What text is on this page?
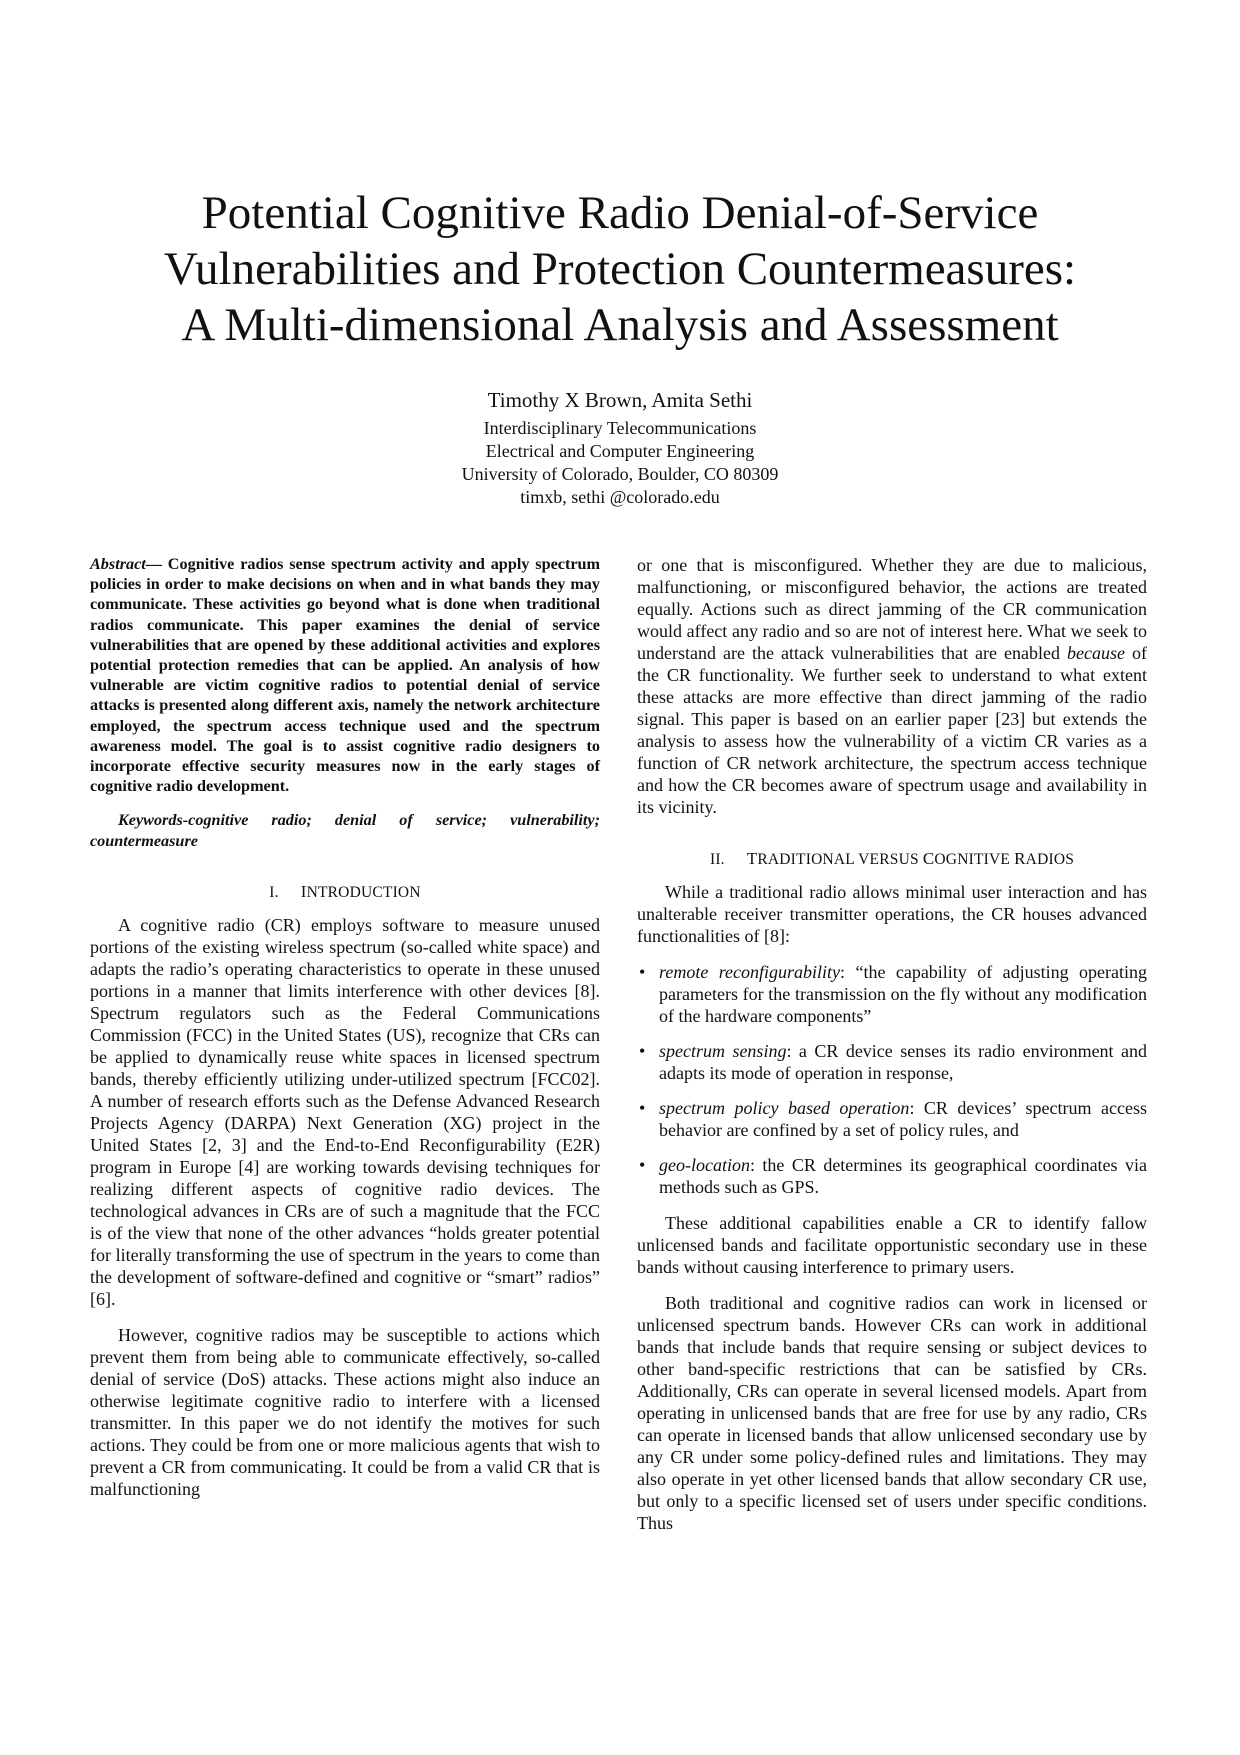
Potential Cognitive Radio Denial-of-Service
Vulnerabilities and Protection Countermeasures:
A Multi-dimensional Analysis and Assessment
Timothy X Brown, Amita Sethi
Interdisciplinary Telecommunications
Electrical and Computer Engineering
University of Colorado, Boulder, CO 80309
timxb, sethi @colorado.edu

Abstract— Cognitive radios sense spectrum activity and apply spectrum policies in order to make decisions on when and in what bands they may communicate. These activities go beyond what is done when traditional radios communicate. This paper examines the denial of service vulnerabilities that are opened by these additional activities and explores potential protection remedies that can be applied. An analysis of how vulnerable are victim cognitive radios to potential denial of service attacks is presented along different axis, namely the network architecture employed, the spectrum access technique used and the spectrum awareness model. The goal is to assist cognitive radio designers to incorporate effective security measures now in the early stages of cognitive radio development.

Keywords-cognitive radio; denial of service; vulnerability; countermeasure

I. INTRODUCTION

A cognitive radio (CR) employs software to measure unused portions of the existing wireless spectrum (so-called white space) and adapts the radio’s operating characteristics to operate in these unused portions in a manner that limits interference with other devices [8]. Spectrum regulators such as the Federal Communications Commission (FCC) in the United States (US), recognize that CRs can be applied to dynamically reuse white spaces in licensed spectrum bands, thereby efficiently utilizing under-utilized spectrum [FCC02]. A number of research efforts such as the Defense Advanced Research Projects Agency (DARPA) Next Generation (XG) project in the United States [2, 3] and the End-to-End Reconfigurability (E2R) program in Europe [4] are working towards devising techniques for realizing different aspects of cognitive radio devices. The technological advances in CRs are of such a magnitude that the FCC is of the view that none of the other advances “holds greater potential for literally transforming the use of spectrum in the years to come than the development of software-defined and cognitive or “smart” radios” [6].

However, cognitive radios may be susceptible to actions which prevent them from being able to communicate effectively, so-called denial of service (DoS) attacks. These actions might also induce an otherwise legitimate cognitive radio to interfere with a licensed transmitter. In this paper we do not identify the motives for such actions. They could be from one or more malicious agents that wish to prevent a CR from communicating. It could be from a valid CR that is malfunctioning

or one that is misconfigured. Whether they are due to malicious, malfunctioning, or misconfigured behavior, the actions are treated equally. Actions such as direct jamming of the CR communication would affect any radio and so are not of interest here. What we seek to understand are the attack vulnerabilities that are enabled because of the CR functionality. We further seek to understand to what extent these attacks are more effective than direct jamming of the radio signal. This paper is based on an earlier paper [23] but extends the analysis to assess how the vulnerability of a victim CR varies as a function of CR network architecture, the spectrum access technique and how the CR becomes aware of spectrum usage and availability in its vicinity.

II. TRADITIONAL VERSUS COGNITIVE RADIOS

While a traditional radio allows minimal user interaction and has unalterable receiver transmitter operations, the CR houses advanced functionalities of [8]:

• remote reconfigurability: “the capability of adjusting operating parameters for the transmission on the fly without any modification of the hardware components”
• spectrum sensing: a CR device senses its radio environment and adapts its mode of operation in response,
• spectrum policy based operation: CR devices’ spectrum access behavior are confined by a set of policy rules, and
• geo-location: the CR determines its geographical coordinates via methods such as GPS.

These additional capabilities enable a CR to identify fallow unlicensed bands and facilitate opportunistic secondary use in these bands without causing interference to primary users.

Both traditional and cognitive radios can work in licensed or unlicensed spectrum bands. However CRs can work in additional bands that include bands that require sensing or subject devices to other band-specific restrictions that can be satisfied by CRs. Additionally, CRs can operate in several licensed models. Apart from operating in unlicensed bands that are free for use by any radio, CRs can operate in licensed bands that allow unlicensed secondary use by any CR under some policy-defined rules and limitations. They may also operate in yet other licensed bands that allow secondary CR use, but only to a specific licensed set of users under specific conditions. Thus
